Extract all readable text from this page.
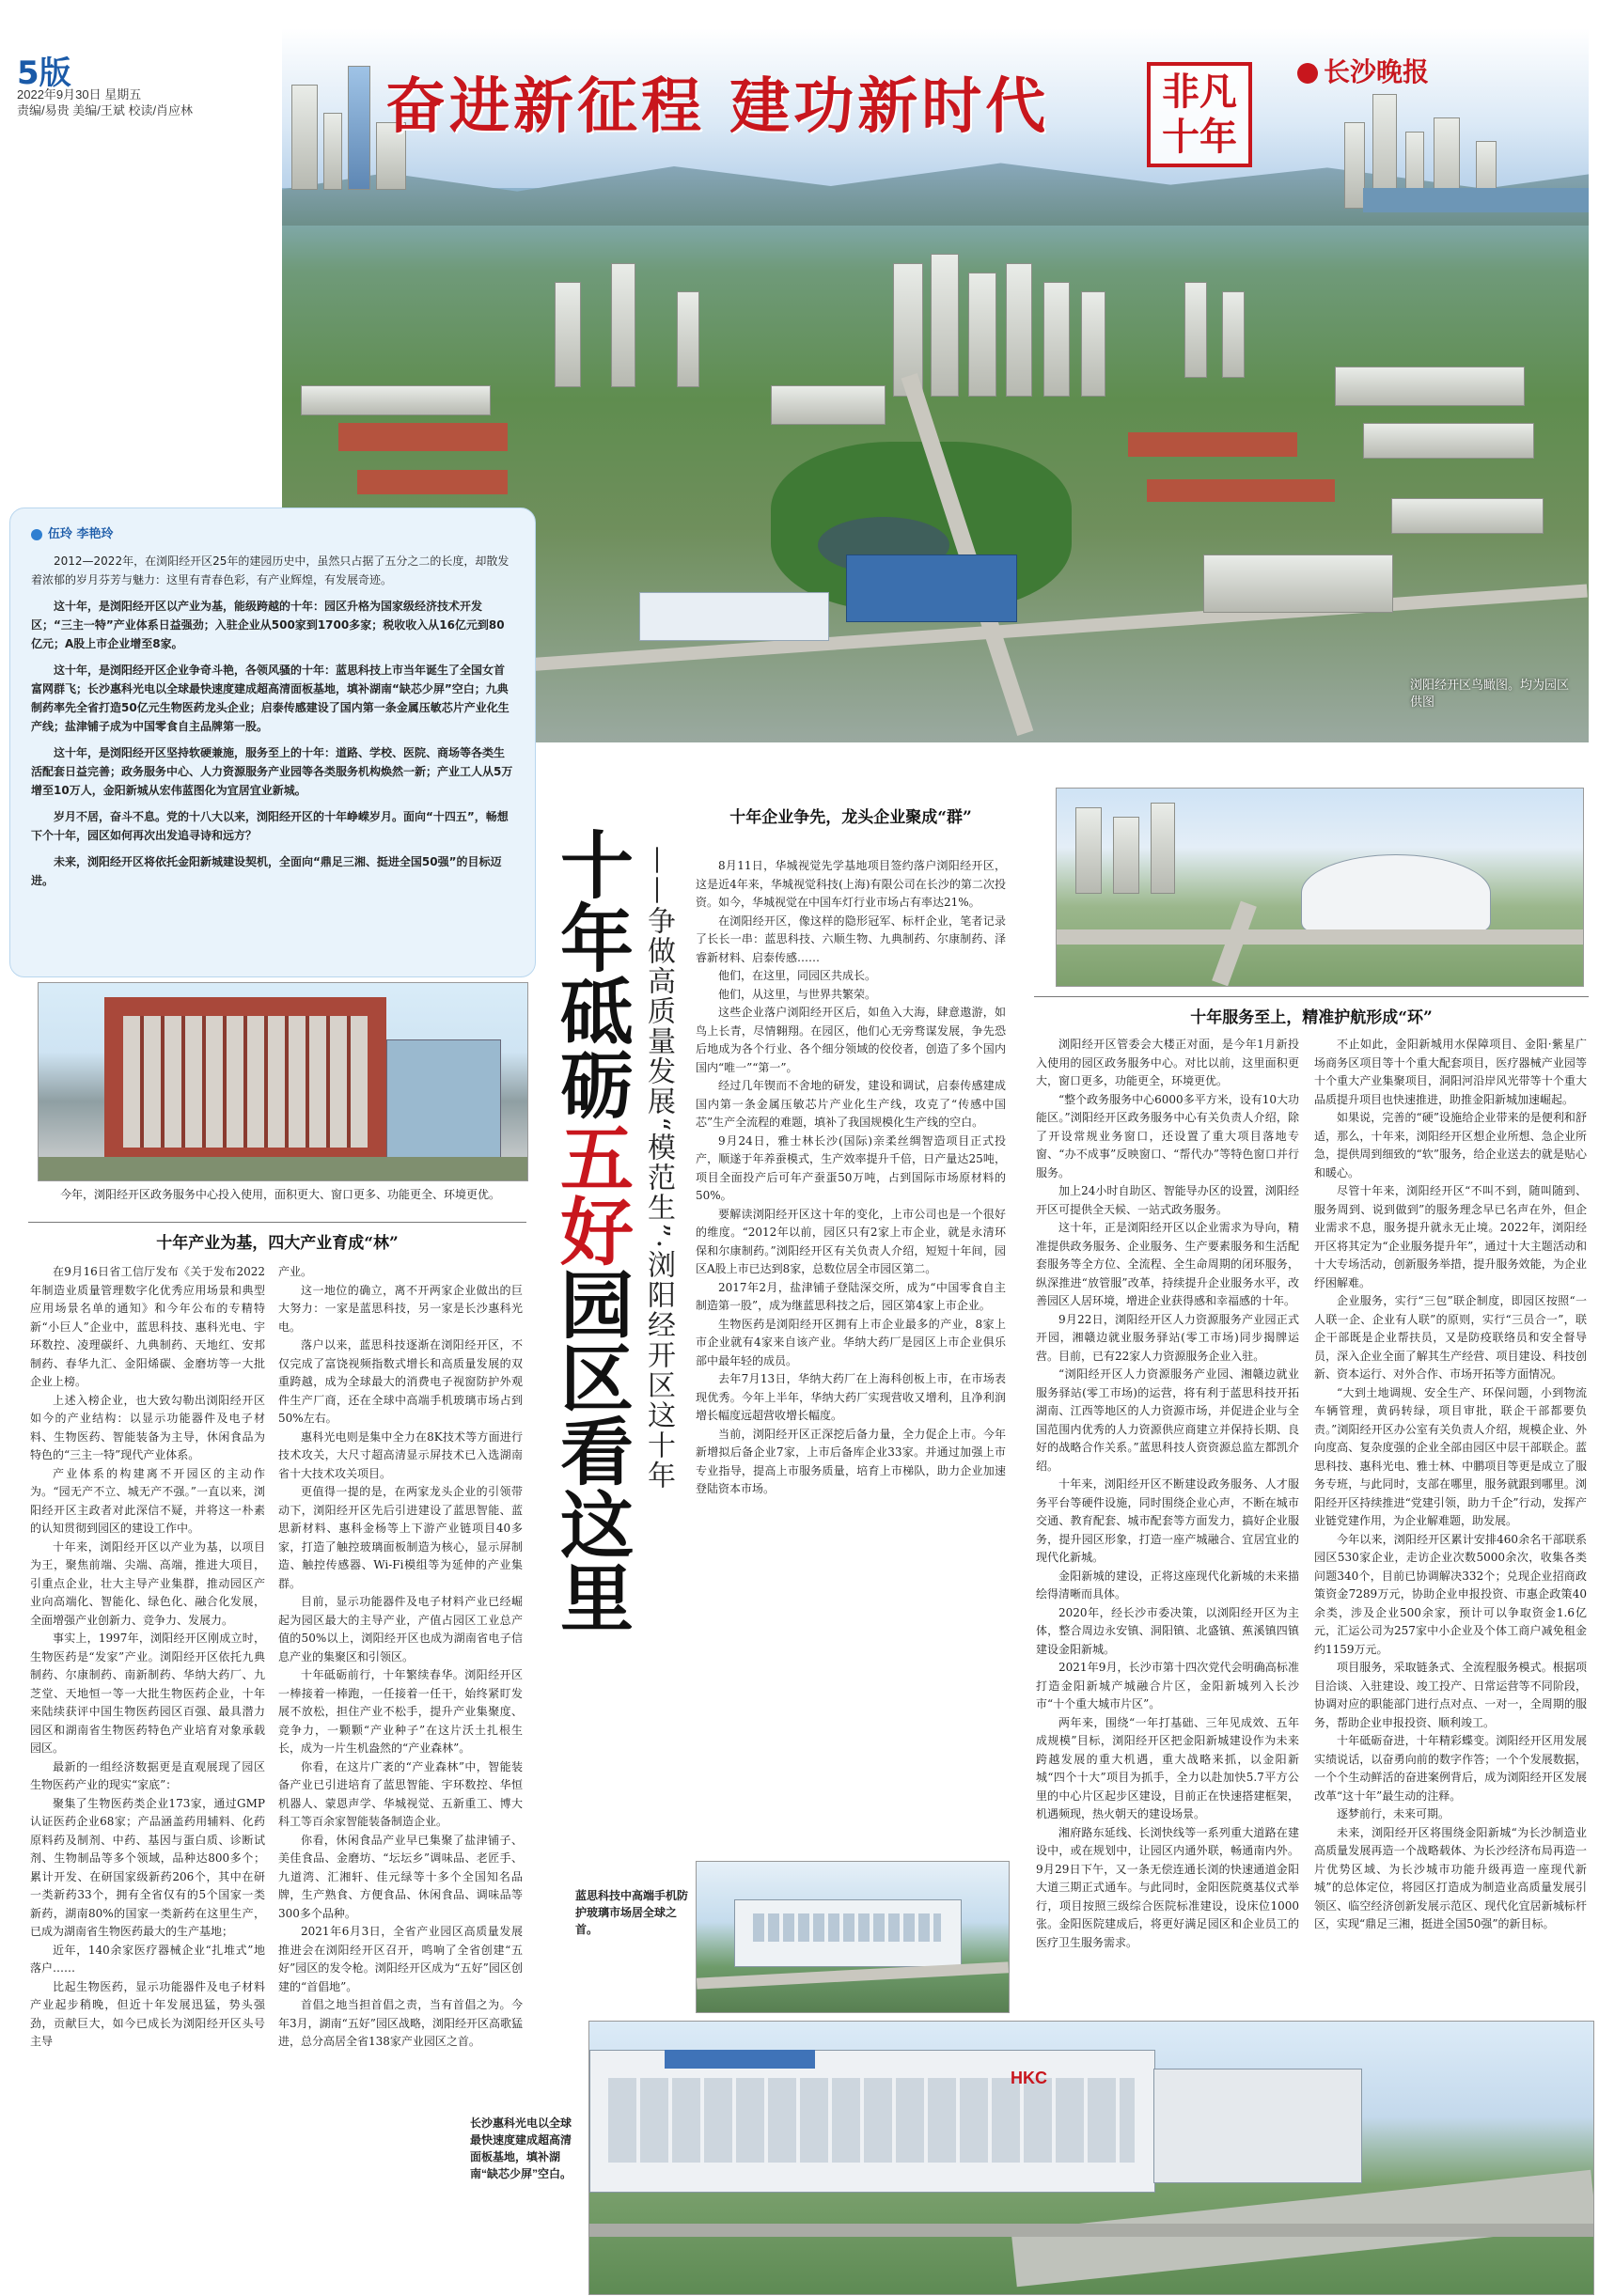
5版
2022年9月30日 星期五
责编/易贵 美编/王斌 校读/肖应林	奋进新征程 建功新时代	非凡十年
长沙晚报
浏阳经开区鸟瞰图。均为园区供图
伍玲 李艳玲

2012—2022年，在浏阳经开区25年的建园历史中，虽然只占据了五分之二的长度，却散发着浓郁的岁月芬芳与魅力：这里有青春色彩，有产业辉煌，有发展奇迹。

这十年，是浏阳经开区以产业为基，能级跨越的十年：园区升格为国家级经济技术开发区；“三主一特”产业体系日益强劲；入驻企业从500家到1700多家；税收收入从16亿元到80亿元；A股上市企业增至8家。

这十年，是浏阳经开区企业争奇斗艳，各领风骚的十年：蓝思科技上市当年诞生了全国女首富网群飞；长沙惠科光电以全球最快速度建成超高清面板基地，填补湖南“缺芯少屏”空白；九典制药率先全省打造50亿元生物医药龙头企业；启泰传感建设了国内第一条金属压敏芯片产业化生产线；盐津铺子成为中国零食自主品牌第一股。

这十年，是浏阳经开区坚持软硬兼施，服务至上的十年：道路、学校、医院、商场等各类生活配套日益完善；政务服务中心、人力资源服务产业园等各类服务机构焕然一新；产业工人从5万增至10万人，金阳新城从宏伟蓝图化为宜居宜业新城。

岁月不居，奋斗不息。党的十八大以来，浏阳经开区的十年峥嵘岁月。面向“十四五”，畅想下个十年，园区如何再次出发追寻诗和远方？

未来，浏阳经开区将依托金阳新城建设契机，全面向“鼎足三湘、挺进全国50强”的目标迈进。

今年，浏阳经开区政务服务中心投入使用，面积更大、窗口更多、功能更全、环境更优。
十年砥砺五好园区看这里 ——争做高质量发展“模范生”·浏阳经开区这十年
十年产业为基，四大产业育成“林”

在9月16日省工信厅发布《关于发布2022年制造业质量管理数字化优秀应用场景和典型应用场景名单的通知》和今年公布的专精特新“小巨人”企业中，蓝思科技、惠科光电、宇环数控、凌理碳纤、九典制药、天地红、安邦制药、春华九汇、金阳烯碳、金磨坊等一大批企业上榜。

上述入榜企业，也大致勾勒出浏阳经开区如今的产业结构：以显示功能器件及电子材料、生物医药、智能装备为主导，休闲食品为特色的“三主一特”现代产业体系。

产业体系的构建离不开园区的主动作为。“园无产不立、城无产不强。”一直以来，浏阳经开区主政者对此深信不疑，并将这一朴素的认知贯彻到园区的建设工作中。

十年来，浏阳经开区以产业为基，以项目为王，聚焦前端、尖端、高端，推进大项目，引重点企业，壮大主导产业集群，推动园区产业向高端化、智能化、绿色化、融合化发展，全面增强产业创新力、竞争力、发展力。

事实上，1997年，浏阳经开区刚成立时，生物医药是“发家”产业。浏阳经开区依托九典制药、尔康制药、南新制药、华纳大药厂、九芝堂、天地恒一等一大批生物医药企业，十年来陆续获评中国生物医药园区百强、最具潜力园区和湖南省生物医药特色产业培育对象承载园区。

最新的一组经济数据更是直观展现了园区生物医药产业的现实“家底”：

聚集了生物医药类企业173家，通过GMP认证医药企业68家；产品涵盖药用辅料、化药原料药及制剂、中药、基因与蛋白质、诊断试剂、生物制品等多个领域，品种达800多个；累计开发、在研国家级新药206个，其中在研一类新药33个，拥有全省仅有的5个国家一类新药，湖南80%的国家一类新药在这里生产，已成为湖南省生物医药最大的生产基地；

近年，140余家医疗器械企业“扎堆式”地落户……

比起生物医药，显示功能器件及电子材料产业起步稍晚，但近十年发展迅猛，势头强劲，贡献巨大，如今已成长为浏阳经开区头号主导

产业。

这一地位的确立，离不开两家企业做出的巨大努力：一家是蓝思科技，另一家是长沙惠科光电。

落户以来，蓝思科技逐渐在浏阳经开区，不仅完成了富饶视频指数式增长和高质量发展的双重跨越，成为全球最大的消费电子视窗防护外观件生产厂商，还在全球中高端手机玻璃市场占到50%左右。

惠科光电则是集中全力在8K技术等方面进行技术攻关，大尺寸超高清显示屏技术已入选湖南省十大技术攻关项目。

更值得一提的是，在两家龙头企业的引领带动下，浏阳经开区先后引进建设了蓝思智能、蓝思新材料、惠科金杨等上下游产业链项目40多家，打造了触控玻璃面板制造为核心，显示屏制造、触控传感器、Wi-Fi模组等为延伸的产业集群。

目前，显示功能器件及电子材料产业已经崛起为园区最大的主导产业，产值占园区工业总产值的50%以上，浏阳经开区也成为湖南省电子信息产业的集聚区和引领区。

十年砥砺前行，十年繁续春华。浏阳经开区一棒接着一棒跑，一任接着一任干，始终紧盯发展不放松，担住产业不松手，提升产业集聚度、竞争力，一颗颗“产业种子”在这片沃土扎根生长，成为一片生机盎然的“产业森林”。

你看，在这片广袤的“产业森林”中，智能装备产业已引进培育了蓝思智能、宇环数控、华恒机器人、蒙恩声学、华城视觉、五新重工、博大科工等百余家智能装备制造企业。

你看，休闲食品产业早已集聚了盐津铺子、美佳食品、金磨坊、“坛坛乡”调味品、老匠手、九道湾、汇湘轩、佳元绿等十多个全国知名品牌，生产熟食、方便食品、休闲食品、调味品等300多个品种。

2021年6月3日，全省产业园区高质量发展推进会在浏阳经开区召开，鸣响了全省创建“五好”园区的发令枪。浏阳经开区成为“五好”园区创建的“首倡地”。

首倡之地当担首倡之责，当有首倡之为。今年3月，湖南“五好”园区战略，浏阳经开区高歌猛进，总分高居全省138家产业园区之首。

十年企业争先，龙头企业聚成“群”

8月11日，华城视觉先学基地项目签约落户浏阳经开区，这是近4年来，华城视觉科技(上海)有限公司在长沙的第二次投资。如今，华城视觉在中国车灯行业市场占有率达21%。

在浏阳经开区，像这样的隐形冠军、标杆企业，笔者记录了长长一串：蓝思科技、六顺生物、九典制药、尔康制药、泽睿新材料、启泰传感……

他们，在这里，同园区共成长。

他们，从这里，与世界共繁荣。

这些企业落户浏阳经开区后，如鱼入大海，肆意遨游，如鸟上长青，尽情翱翔。在园区，他们心无旁骛谋发展，争先恐后地成为各个行业、各个细分领域的佼佼者，创造了多个国内国内“唯一”“第一”。

经过几年锲而不舍地的研发，建设和调试，启泰传感建成国内第一条金属压敏芯片产业化生产线，攻克了“传感中国芯”生产全流程的难题，填补了我国规模化生产线的空白。

9月24日，雅士林长沙(国际)亲柔丝绸智造项目正式投产，顺遂于年养蚕模式，生产效率提升千倍，日产量达25吨，项目全面投产后可年产蚕蛋50万吨，占到国际市场原材料的50%。

要解读浏阳经开区这十年的变化，上市公司也是一个很好的维度。“2012年以前，园区只有2家上市企业，就是永清环保和尔康制药。”浏阳经开区有关负责人介绍，短短十年间，园区A股上市已达到8家，总数位居全市园区第二。

2017年2月，盐津铺子登陆深交所，成为“中国零食自主制造第一股”，成为继蓝思科技之后，园区第4家上市企业。

生物医药是浏阳经开区拥有上市企业最多的产业，8家上市企业就有4家来自该产业。华纳大药厂是园区上市企业俱乐部中最年轻的成员。

去年7月13日，华纳大药厂在上海科创板上市，在市场表现优秀。今年上半年，华纳大药厂实现营收又增利，且净利润增长幅度远超营收增长幅度。

当前，浏阳经开区正深挖后备力量，全力促企上市。今年新增拟后备企业7家，上市后备库企业33家。并通过加强上市专业指导，提高上市服务质量，培育上市梯队，助力企业加速登陆资本市场。

蓝思科技中高端手机防护玻璃市场居全球之首。
十年服务至上，精准护航形成“环”

浏阳经开区管委会大楼正对面，是今年1月新投入使用的园区政务服务中心。对比以前，这里面积更大，窗口更多，功能更全，环境更优。

“整个政务服务中心6000多平方米，设有10大功能区。”浏阳经开区政务服务中心有关负责人介绍，除了开设常规业务窗口，还设置了重大项目落地专窗、“办不成事”反映窗口、“帮代办”等特色窗口并行服务。

加上24小时自助区、智能导办区的设置，浏阳经开区可提供全天候、一站式政务服务。

这十年，正是浏阳经开区以企业需求为导向，精准提供政务服务、企业服务、生产要素服务和生活配套服务等全方位、全流程、全生命周期的闭环服务，纵深推进“放管服”改革，持续提升企业服务水平，改善园区人居环境，增进企业获得感和幸福感的十年。

9月22日，浏阳经开区人力资源服务产业园正式开园，湘赣边就业服务驿站(零工市场)同步揭牌运营。目前，已有22家人力资源服务企业入驻。

“浏阳经开区人力资源服务产业园、湘赣边就业服务驿站(零工市场)的运营，将有利于蓝思科技开拓湖南、江西等地区的人力资源市场，并促进企业与全国范围内优秀的人力资源供应商建立并保持长期、良好的战略合作关系。”蓝思科技人资资源总监左都凯介绍。

十年来，浏阳经开区不断建设政务服务、人才服务平台等硬件设施，同时围绕企业心声，不断在城市交通、教育配套、城市配套等方面发力，搞好企业服务，提升园区形象，打造一座产城融合、宜居宜业的现代化新城。

金阳新城的建设，正将这座现代化新城的未来描绘得清晰而具体。

2020年，经长沙市委决策，以浏阳经开区为主体，整合周边永安镇、洞阳镇、北盛镇、蕉溪镇四镇建设金阳新城。

2021年9月，长沙市第十四次党代会明确高标准打造金阳新城产城融合片区，金阳新城列入长沙市“十个重大城市片区”。

两年来，围绕“一年打基础、三年见成效、五年成规模”目标，浏阳经开区把金阳新城建设作为未来跨越发展的重大机遇，重大战略来抓，以金阳新城“四个十大”项目为抓手，全力以赴加快5.7平方公里的中心片区起步区建设，目前正在快速搭建框架，机遇频现，热火朝天的建设场景。

湘府路东延线、长浏快线等一系列重大道路在建设中，或在规划中，让园区内通外联，畅通南内外。9月29日下午，又一条无偿连通长浏的快速通道金阳大道三期正式通车。与此同时，金阳医院奠基仪式举行，项目按照三级综合医院标准建设，设床位1000张。金阳医院建成后，将更好满足园区和企业员工的医疗卫生服务需求。

不止如此，金阳新城用水保障项目、金阳·紫星广场商务区项目等十个重大配套项目，医疗器械产业园等十个重大产业集聚项目，洞阳河沿岸风光带等十个重大品质提升项目也快速推进，助推金阳新城加速崛起。

如果说，完善的“硬”设施给企业带来的是便利和舒适，那么，十年来，浏阳经开区想企业所想、急企业所急，提供周到细致的“软”服务，给企业送去的就是贴心和暖心。

尽管十年来，浏阳经开区“不叫不到，随叫随到、服务周到、说到做到”的服务理念早已名声在外，但企业需求不息，服务提升就永无止境。2022年，浏阳经开区将其定为“企业服务提升年”，通过十大主题活动和十大专场活动，创新服务举措，提升服务效能，为企业纾困解难。

企业服务，实行“三包”联企制度，即园区按照“一人联一企、企业有人联”的原则，实行“三员合一”，联企干部既是企业帮扶员，又是防疫联络员和安全督导员，深入企业全面了解其生产经营、项目建设、科技创新、资本运行、对外合作、市场开拓等方面情况。

“大到土地调规、安全生产、环保问题，小到物流车辆管理，黄码转绿，项目审批，联企干部都要负责。”浏阳经开区办公室有关负责人介绍，规模企业、外向度高、复杂度强的企业全部由园区中层干部联企。蓝思科技、惠科光电、雅士林、中鹏项目等更是成立了服务专班，与此同时，支部在哪里，服务就跟到哪里。浏阳经开区持续推进“党建引领，助力千企”行动，发挥产业链党建作用，为企业解难题，助发展。

今年以来，浏阳经开区累计安排460余名干部联系园区530家企业，走访企业次数5000余次，收集各类问题340个，目前已协调解决332个；兑现企业招商政策资金7289万元，协助企业申报投资、市惠企政策40余类，涉及企业500余家，预计可以争取资金1.6亿元，汇运公司为257家中小企业及个体工商户减免租金约1159万元。

项目服务，采取链条式、全流程服务模式。根据项目洽谈、入驻建设、竣工投产、日常运营等不同阶段，协调对应的职能部门进行点对点、一对一，全周期的服务，帮助企业申报投资、顺利竣工。

十年砥砺奋进，十年精彩蝶变。浏阳经开区用发展实绩说话，以奋勇向前的数字作答；一个个发展数据，一个个生动鲜活的奋进案例背后，成为浏阳经开区发展改革“这十年”最生动的注释。

逐梦前行，未来可期。

未来，浏阳经开区将围绕金阳新城“为长沙制造业高质量发展再造一个战略载体、为长沙经济布局再造一片优势区域、为长沙城市功能升级再造一座现代新城”的总体定位，将园区打造成为制造业高质量发展引领区、临空经济创新发展示范区、现代化宜居新城标杆区，实现“鼎足三湘，挺进全国50强”的新目标。

HKC
长沙惠科光电以全球最快速度建成超高清面板基地，填补湖南“缺芯少屏”空白。
